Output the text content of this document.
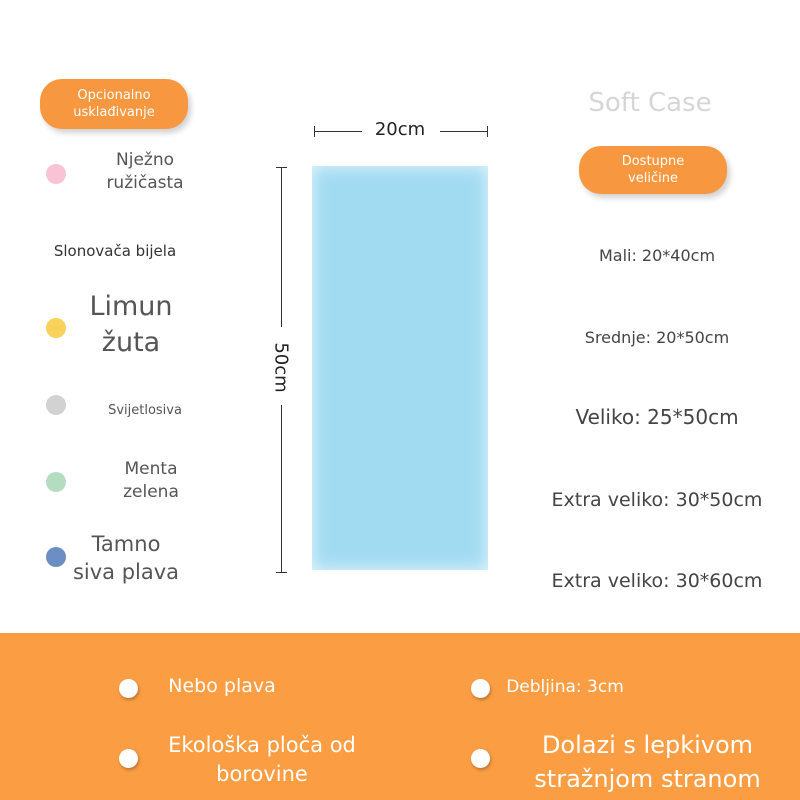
Opcionalno
usklađivanje
Nježno
ružičasta
Slonovača bijela
Limun
žuta
Svijetlosiva
Menta
zelena
Tamno
siva plava
20cm
50cm
Soft Case
Dostupne
veličine
Mali: 20*40cm
Srednje: 20*50cm
Veliko: 25*50cm
Extra veliko: 30*50cm
Extra veliko: 30*60cm
Nebo plava	Debljina: 3cm
Ekološka ploča od
borovine
Dolazi s lepkivom
stražnjom stranom
